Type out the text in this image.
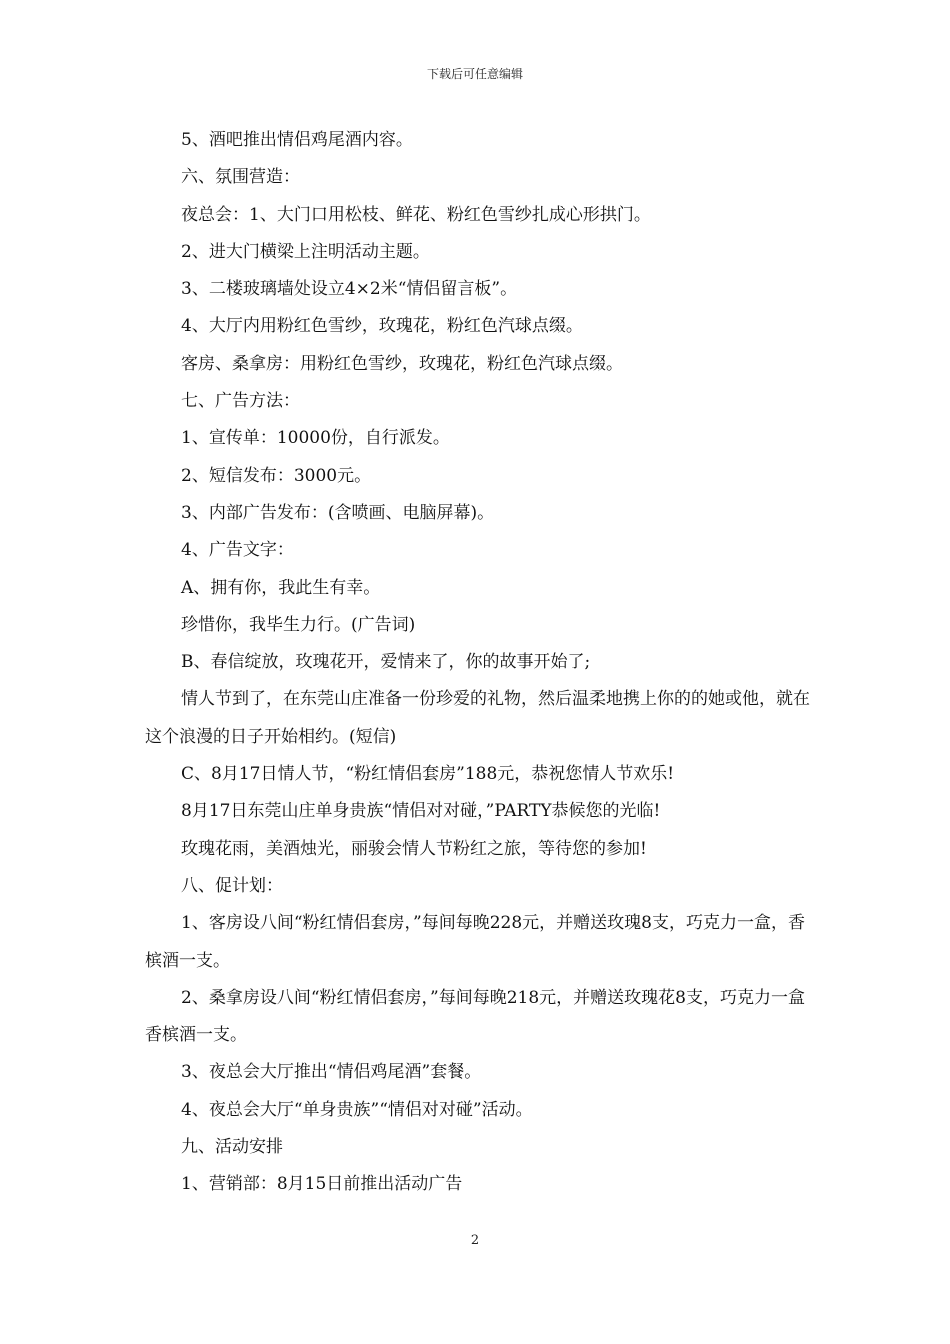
下载后可任意编辑

5、酒吧推出情侣鸡尾酒内容。

六、氛围营造：

夜总会：1、大门口用松枝、鲜花、粉红色雪纱扎成心形拱门。

2、进大门横梁上注明活动主题。

3、二楼玻璃墙处设立4×2米“情侣留言板”。

4、大厅内用粉红色雪纱，玫瑰花，粉红色汽球点缀。

客房、桑拿房：用粉红色雪纱，玫瑰花，粉红色汽球点缀。

七、广告方法：

1、宣传单：10000份，自行派发。

2、短信发布：3000元。

3、内部广告发布：(含喷画、电脑屏幕)。

4、广告文字：

A、拥有你，我此生有幸。

珍惜你，我毕生力行。(广告词)

B、春信绽放，玫瑰花开，爱情来了，你的故事开始了;

情人节到了，在东莞山庄准备一份珍爱的礼物，然后温柔地携上你的的她或他，就在这个浪漫的日子开始相约。(短信)

C、8月17日情人节，“粉红情侣套房”188元，恭祝您情人节欢乐!

8月17日东莞山庄单身贵族“情侣对对碰，”PARTY恭候您的光临!

玫瑰花雨，美酒烛光，丽骏会情人节粉红之旅，等待您的参加!

八、促计划：

1、客房设八间“粉红情侣套房，”每间每晚228元，并赠送玫瑰8支，巧克力一盒，香槟酒一支。

2、桑拿房设八间“粉红情侣套房，”每间每晚218元，并赠送玫瑰花8支，巧克力一盒香槟酒一支。

3、夜总会大厅推出“情侣鸡尾酒”套餐。

4、夜总会大厅“单身贵族”“情侣对对碰”活动。

九、活动安排

1、营销部：8月15日前推出活动广告

2
